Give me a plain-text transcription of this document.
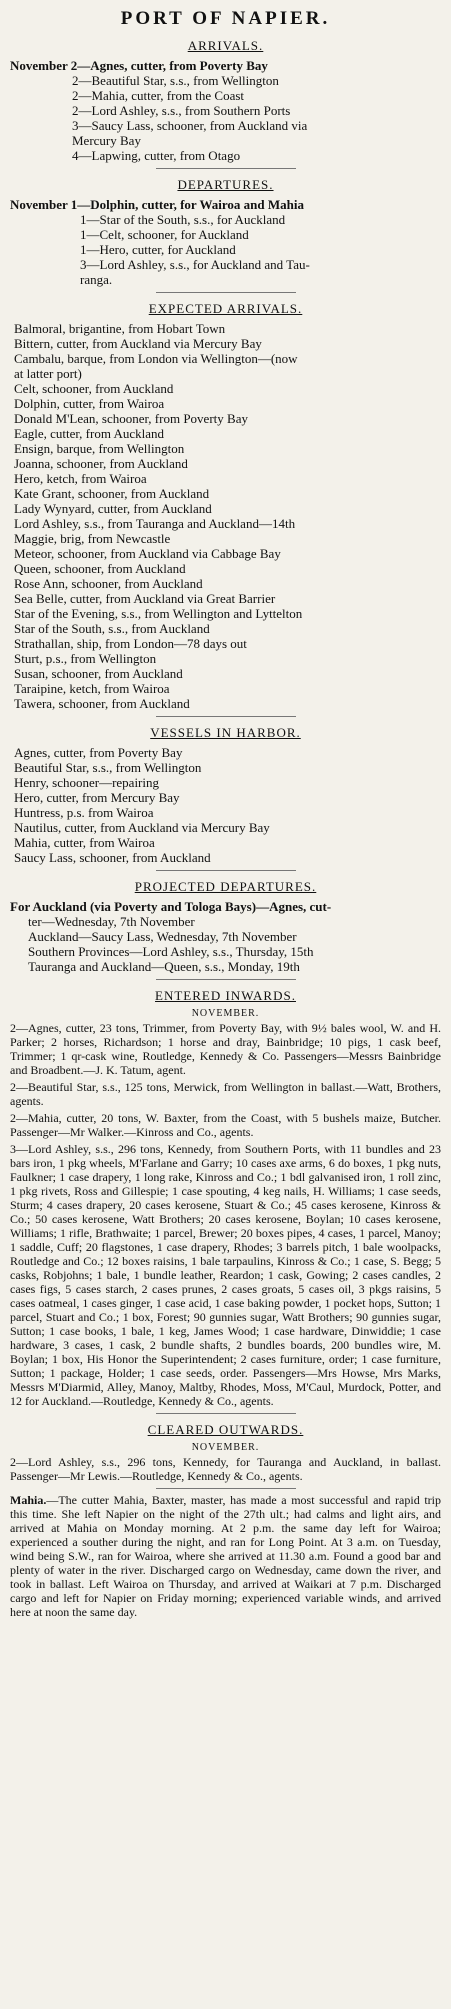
PORT OF NAPIER.
ARRIVALS.
November 2—Agnes, cutter, from Poverty Bay
2—Beautiful Star, s.s., from Wellington
2—Mahia, cutter, from the Coast
2—Lord Ashley, s.s., from Southern Ports
3—Saucy Lass, schooner, from Auckland via
Mercury Bay
4—Lapwing, cutter, from Otago
DEPARTURES.
November 1—Dolphin, cutter, for Wairoa and Mahia
1—Star of the South, s.s., for Auckland
1—Celt, schooner, for Auckland
1—Hero, cutter, for Auckland
3—Lord Ashley, s.s., for Auckland and Tau-
ranga.
EXPECTED ARRIVALS.
Balmoral, brigantine, from Hobart Town
Bittern, cutter, from Auckland via Mercury Bay
Cambalu, barque, from London via Wellington—(now
at latter port)
Celt, schooner, from Auckland
Dolphin, cutter, from Wairoa
Donald M'Lean, schooner, from Poverty Bay
Eagle, cutter, from Auckland
Ensign, barque, from Wellington
Joanna, schooner, from Auckland
Hero, ketch, from Wairoa
Kate Grant, schooner, from Auckland
Lady Wynyard, cutter, from Auckland
Lord Ashley, s.s., from Tauranga and Auckland—14th
Maggie, brig, from Newcastle
Meteor, schooner, from Auckland via Cabbage Bay
Queen, schooner, from Auckland
Rose Ann, schooner, from Auckland
Sea Belle, cutter, from Auckland via Great Barrier
Star of the Evening, s.s., from Wellington and Lyttelton
Star of the South, s.s., from Auckland
Strathallan, ship, from London—78 days out
Sturt, p.s., from Wellington
Susan, schooner, from Auckland
Taraipine, ketch, from Wairoa
Tawera, schooner, from Auckland
VESSELS IN HARBOR.
Agnes, cutter, from Poverty Bay
Beautiful Star, s.s., from Wellington
Henry, schooner—repairing
Hero, cutter, from Mercury Bay
Huntress, p.s. from Wairoa
Nautilus, cutter, from Auckland via Mercury Bay
Mahia, cutter, from Wairoa
Saucy Lass, schooner, from Auckland
PROJECTED DEPARTURES.
For Auckland (via Poverty and Tologa Bays)—Agnes, cut-
ter—Wednesday, 7th November
Auckland—Saucy Lass, Wednesday, 7th November
Southern Provinces—Lord Ashley, s.s., Thursday, 15th
Tauranga and Auckland—Queen, s.s., Monday, 19th
ENTERED INWARDS.
NOVEMBER.

2—Agnes, cutter, 23 tons, Trimmer, from Poverty Bay, with 9½ bales wool, W. and H. Parker; 2 horses, Richardson; 1 horse and dray, Bainbridge; 10 pigs, 1 cask beef, Trimmer; 1 qr-cask wine, Routledge, Kennedy & Co. Passengers—Messrs Bainbridge and Broadbent.—J. K. Tatum, agent.

2—Beautiful Star, s.s., 125 tons, Merwick, from Wellington in ballast.—Watt, Brothers, agents.

2—Mahia, cutter, 20 tons, W. Baxter, from the Coast, with 5 bushels maize, Butcher. Passenger—Mr Walker.—Kinross and Co., agents.

3—Lord Ashley, s.s., 296 tons, Kennedy, from Southern Ports, with 11 bundles and 23 bars iron, 1 pkg wheels, M'Farlane and Garry; 10 cases axe arms, 6 do boxes, 1 pkg nuts, Faulkner; 1 case drapery, 1 long rake, Kinross and Co.; 1 bdl galvanised iron, 1 roll zinc, 1 pkg rivets, Ross and Gillespie; 1 case spouting, 4 keg nails, H. Williams; 1 case seeds, Sturm; 4 cases drapery, 20 cases kerosene, Stuart & Co.; 45 cases kerosene, Kinross & Co.; 50 cases kerosene, Watt Brothers; 20 cases kerosene, Boylan; 10 cases kerosene, Williams; 1 rifle, Brathwaite; 1 parcel, Brewer; 20 boxes pipes, 4 cases, 1 parcel, Manoy; 1 saddle, Cuff; 20 flagstones, 1 case drapery, Rhodes; 3 barrels pitch, 1 bale woolpacks, Routledge and Co.; 12 boxes raisins, 1 bale tarpaulins, Kinross & Co.; 1 case, S. Begg; 5 casks, Robjohns; 1 bale, 1 bundle leather, Reardon; 1 cask, Gowing; 2 cases candles, 2 cases figs, 5 cases starch, 2 cases prunes, 2 cases groats, 5 cases oil, 3 pkgs raisins, 5 cases oatmeal, 1 cases ginger, 1 case acid, 1 case baking powder, 1 pocket hops, Sutton; 1 parcel, Stuart and Co.; 1 box, Forest; 90 gunnies sugar, Watt Brothers; 90 gunnies sugar, Sutton; 1 case books, 1 bale, 1 keg, James Wood; 1 case hardware, Dinwiddie; 1 case hardware, 3 cases, 1 cask, 2 bundle shafts, 2 bundles boards, 200 bundles wire, M. Boylan; 1 box, His Honor the Superintendent; 2 cases furniture, order; 1 case furniture, Sutton; 1 package, Holder; 1 case seeds, order. Passengers—Mrs Howse, Mrs Marks, Messrs M'Diarmid, Alley, Manoy, Maltby, Rhodes, Moss, M'Caul, Murdock, Potter, and 12 for Auckland.—Routledge, Kennedy & Co., agents.

CLEARED OUTWARDS.
NOVEMBER.

2—Lord Ashley, s.s., 296 tons, Kennedy, for Tauranga and Auckland, in ballast. Passenger—Mr Lewis.—Routledge, Kennedy & Co., agents.

Mahia.—The cutter Mahia, Baxter, master, has made a most successful and rapid trip this time. She left Napier on the night of the 27th ult.; had calms and light airs, and arrived at Mahia on Monday morning. At 2 p.m. the same day left for Wairoa; experienced a souther during the night, and ran for Long Point. At 3 a.m. on Tuesday, wind being S.W., ran for Wairoa, where she arrived at 11.30 a.m. Found a good bar and plenty of water in the river. Discharged cargo on Wednesday, came down the river, and took in ballast. Left Wairoa on Thursday, and arrived at Waikari at 7 p.m. Discharged cargo and left for Napier on Friday morning; experienced variable winds, and arrived here at noon the same day.
